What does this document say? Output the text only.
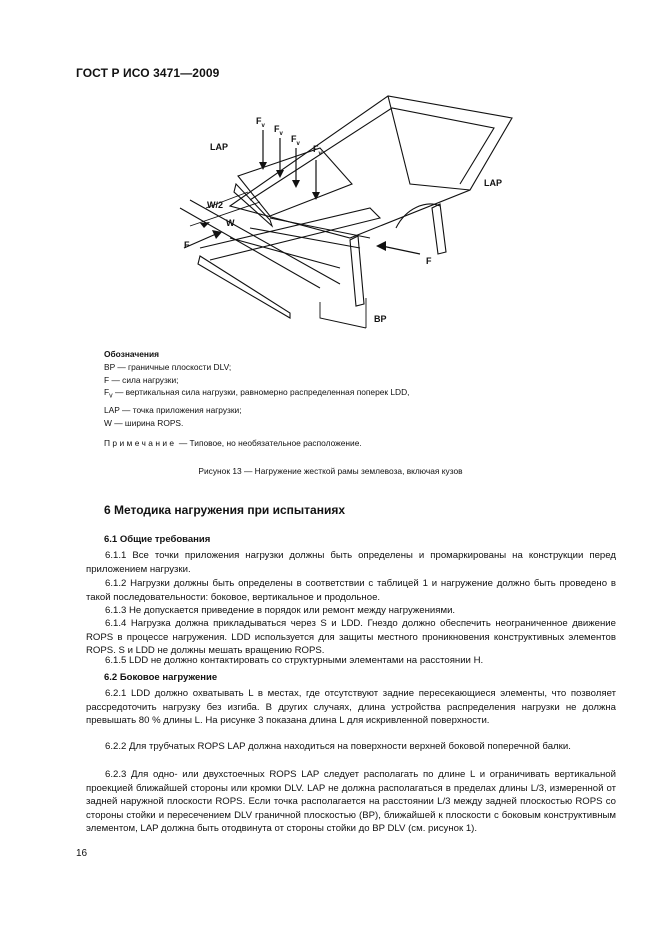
ГОСТ Р ИСО 3471—2009
$F_v$ $F_v$ $F_v$ $F_v$
LAP
LAP
W/2
W
F
F
BP
Обозначения
BP — граничные плоскости DLV;
F — сила нагрузки;
$F_v$ — вертикальная сила нагрузки, равномерно распределенная поперек LDD,
LAP — точка приложения нагрузки;
W — ширина ROPS.
Примечание — Типовое, но необязательное расположение.
Рисунок 13 — Нагружение жесткой рамы землевоза, включая кузов
6 Методика нагружения при испытаниях
6.1 Общие требования
6.1.1 Все точки приложения нагрузки должны быть определены и промаркированы на конструкции перед приложением нагрузки.
6.1.2 Нагрузки должны быть определены в соответствии с таблицей 1 и нагружение должно быть проведено в такой последовательности: боковое, вертикальное и продольное.
6.1.3 Не допускается приведение в порядок или ремонт между нагружениями.
6.1.4 Нагрузка должна прикладываться через S и LDD. Гнездо должно обеспечить неограниченное движение ROPS в процессе нагружения. LDD используется для защиты местного проникновения конструктивных элементов ROPS. S и LDD не должны мешать вращению ROPS.
6.1.5 LDD не должно контактировать со структурными элементами на расстоянии H.
6.2 Боковое нагружение
6.2.1 LDD должно охватывать L в местах, где отсутствуют задние пересекающиеся элементы, что позволяет рассредоточить нагрузку без изгиба. В других случаях, длина устройства распределения нагрузки не должна превышать 80 % длины L. На рисунке 3 показана длина L для искривленной поверхности.
6.2.2 Для трубчатых ROPS LAP должна находиться на поверхности верхней боковой поперечной балки.
6.2.3 Для одно- или двухстоечных ROPS LAP следует располагать по длине L и ограничивать вертикальной проекцией ближайшей стороны или кромки DLV. LAP не должна располагаться в пределах длины L/3, измеренной от задней наружной плоскости ROPS. Если точка располагается на расстоянии L/3 между задней плоскостью ROPS со стороны стойки и пересечением DLV граничной плоскостью (BP), ближайшей к плоскости с боковым конструктивным элементом, LAP должна быть отодвинута от стороны стойки до BP DLV (см. рисунок 1).
16
